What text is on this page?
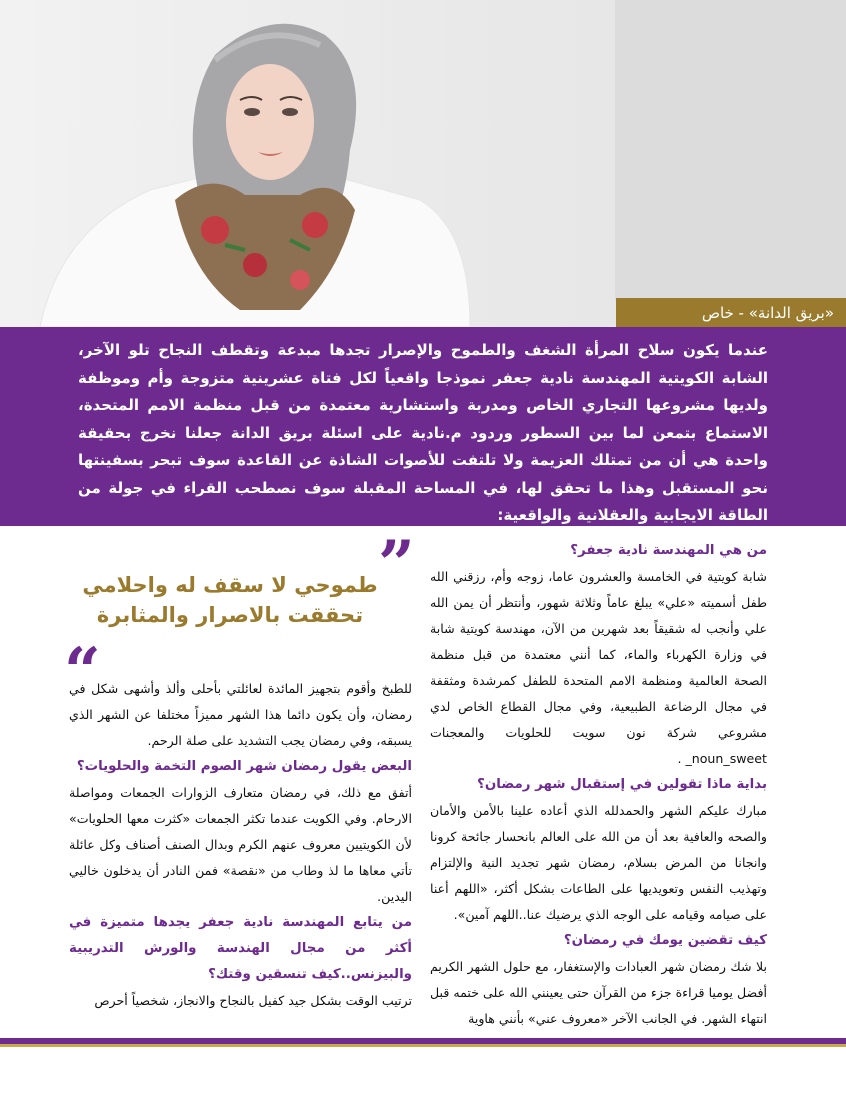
«بريق الدانة» - خاص
عندما يكون سلاح المرأة الشغف والطموح والإصرار تجدها مبدعة وتقطف النجاح تلو الآخر، الشابة الكويتية المهندسة نادية جعفر نموذجا واقعياً لكل فتاة عشرينية متزوجة وأم وموظفة ولديها مشروعها التجاري الخاص ومدربة واستشارية معتمدة من قبل منظمة الامم المتحدة، الاستماع بتمعن لما بين السطور وردود م.نادية على اسئلة بريق الدانة جعلنا نخرج بحقيقة واحدة هي أن من تمتلك العزيمة ولا تلتفت للأصوات الشاذة عن القاعدة سوف تبحر بسفينتها نحو المستقبل وهذا ما تحقق لها، في المساحة المقبلة سوف نصطحب القراء في جولة من الطاقة الايجابية والعقلانية والواقعية:
”

طموحي لا سقف له واحلامي

تحققت بالاصرار والمثابرة

“

من هي المهندسة نادية جعفر؟

شابة كويتية في الخامسة والعشرون عاما، زوجه وأم، رزقني الله طفل أسميته «علي» يبلغ عاماً وثلاثة شهور، وأنتظر أن يمن الله علي وأنجب له شقيقاً بعد شهرين من الآن، مهندسة كويتية شابة في وزارة الكهرباء والماء، كما أنني معتمدة من قبل منظمة الصحة العالمية ومنظمة الامم المتحدة للطفل كمرشدة ومثقفة في مجال الرضاعة الطبيعية، وفي مجال القطاع الخاص لدي مشروعي شركة نون سويت للحلويات والمعجنات noun_sweet_ .

بداية ماذا تقولين في إستقبال شهر رمضان؟

مبارك عليكم الشهر والحمدلله الذي أعاده علينا بالأمن والأمان والصحه والعافية بعد أن من الله على العالم بانحسار جائحة كرونا وانجانا من المرض بسلام، رمضان شهر تجديد النية والإلتزام وتهذيب النفس وتعويديها على الطاعات بشكل أكثر، «اللهم أعنا على صيامه وقيامه على الوجه الذي يرضيك عنا..اللهم آمين».

كيف تقضين يومك في رمضان؟

بلا شك رمضان شهر العبادات والإستغفار، مع حلول الشهر الكريم أفضل يوميا قراءة جزء من القرآن حتى يعينني الله على ختمه قبل انتهاء الشهر. في الجانب الآخر «معروف عني» بأنني هاوية

للطبخ وأقوم بتجهيز المائدة لعائلتي بأحلى وألذ وأشهى شكل في رمضان، وأن يكون دائما هذا الشهر مميزاً مختلفا عن الشهر الذي يسبقه، وفي رمضان يجب التشديد على صلة الرحم.

البعض يقول رمضان شهر الصوم التخمة والحلويات؟

أتفق مع ذلك، في رمضان متعارف الزوارات الجمعات ومواصلة الارحام. وفي الكويت عندما تكثر الجمعات «كثرت معها الحلويات» لأن الكويتيين معروف عنهم الكرم وبدال الصنف أصناف وكل عائلة تأتي معاها ما لذ وطاب من «نقصة» فمن النادر أن يدخلون خاليي اليدين.

من يتابع المهندسة نادية جعفر يجدها متميزة في أكثر من مجال الهندسة والورش التدريبية والبيزنس..كيف تنسقين وقتك؟

ترتيب الوقت بشكل جيد كفيل بالنجاح والانجاز، شخصياً أحرص
